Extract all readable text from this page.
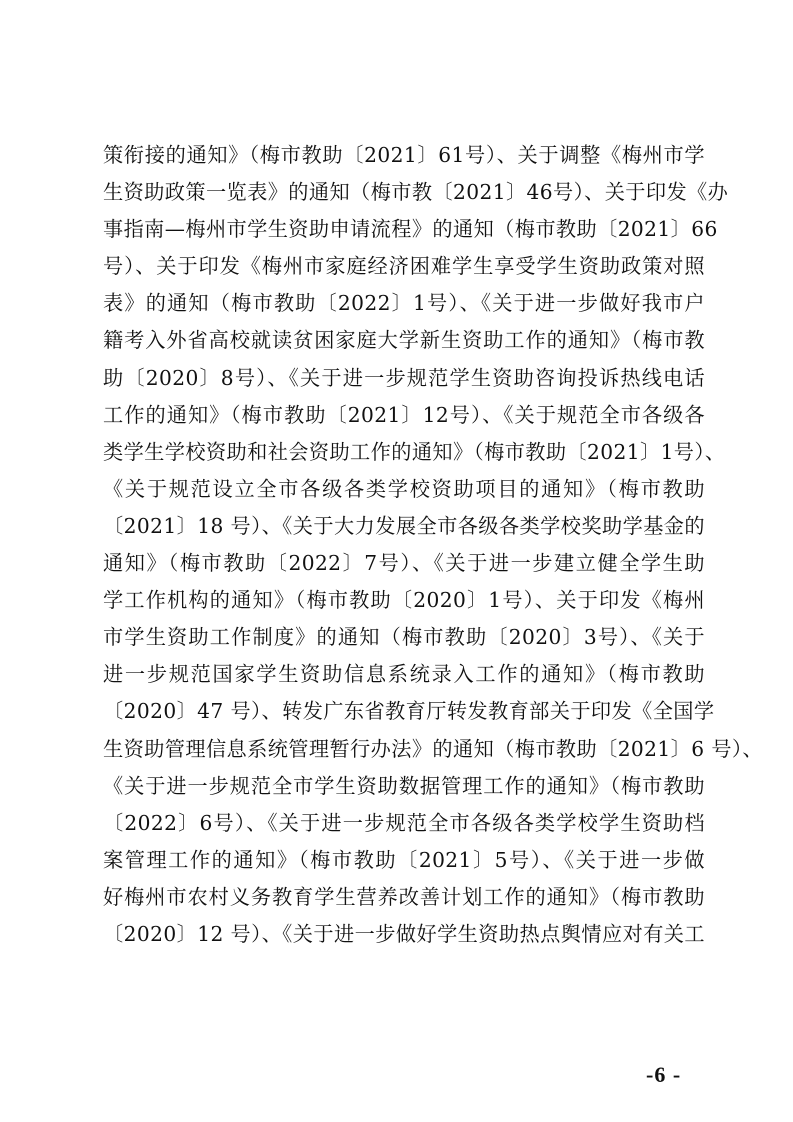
策衔接的通知》（梅市教助〔2021〕61号）、关于调整《梅州市学
生资助政策一览表》的通知（梅市教〔2021〕46号）、关于印发《办
事指南—梅州市学生资助申请流程》的通知（梅市教助〔2021〕66
号）、关于印发《梅州市家庭经济困难学生享受学生资助政策对照
表》的通知（梅市教助〔2022〕1号）、《关于进一步做好我市户
籍考入外省高校就读贫困家庭大学新生资助工作的通知》（梅市教
助〔2020〕8号）、《关于进一步规范学生资助咨询投诉热线电话
工作的通知》（梅市教助〔2021〕12号）、《关于规范全市各级各
类学生学校资助和社会资助工作的通知》（梅市教助〔2021〕1号）、
《关于规范设立全市各级各类学校资助项目的通知》（梅市教助
〔2021〕18 号）、《关于大力发展全市各级各类学校奖助学基金的
通知》（梅市教助〔2022〕7号）、《关于进一步建立健全学生助
学工作机构的通知》（梅市教助〔2020〕1号）、关于印发《梅州
市学生资助工作制度》的通知（梅市教助〔2020〕3号）、《关于
进一步规范国家学生资助信息系统录入工作的通知》（梅市教助
〔2020〕47 号）、转发广东省教育厅转发教育部关于印发《全国学
生资助管理信息系统管理暂行办法》的通知（梅市教助〔2021〕6 号）、
《关于进一步规范全市学生资助数据管理工作的通知》（梅市教助
〔2022〕6号）、《关于进一步规范全市各级各类学校学生资助档
案管理工作的通知》（梅市教助〔2021〕5号）、《关于进一步做
好梅州市农村义务教育学生营养改善计划工作的通知》（梅市教助
〔2020〕12 号）、《关于进一步做好学生资助热点舆情应对有关工
-6 -
